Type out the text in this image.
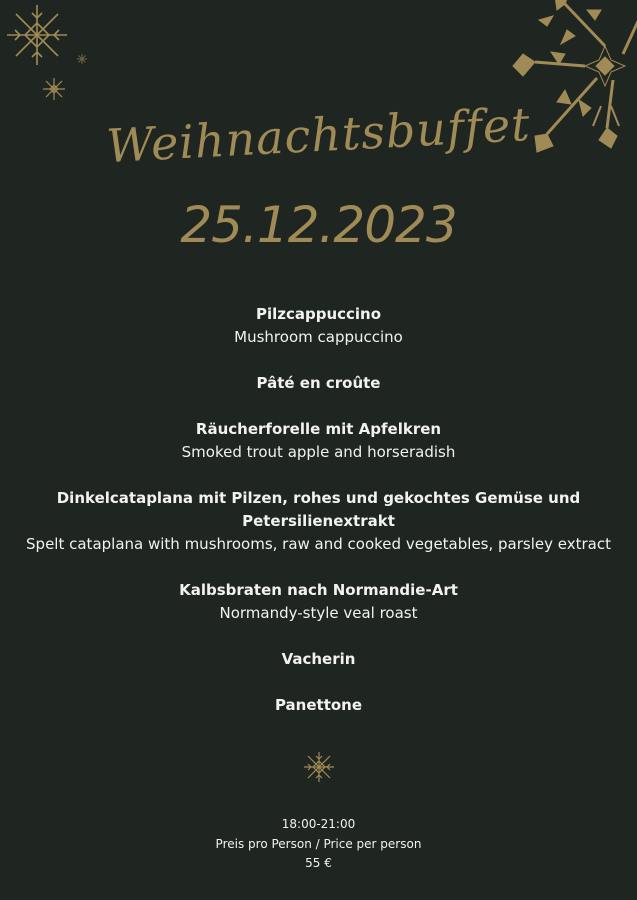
Weihnachtsbuffet
25.12.2023
Pilzcappuccino
Mushroom cappuccino
Pâté en croûte
Räucherforelle mit Apfelkren
Smoked trout apple and horseradish
Dinkelcataplana mit Pilzen, rohes und gekochtes Gemüse und Petersilienextrakt
Spelt cataplana with mushrooms, raw and cooked vegetables, parsley extract
Kalbsbraten nach Normandie-Art
Normandy-style veal roast
Vacherin
Panettone
18:00-21:00
Preis pro Person / Price per person
55 €
